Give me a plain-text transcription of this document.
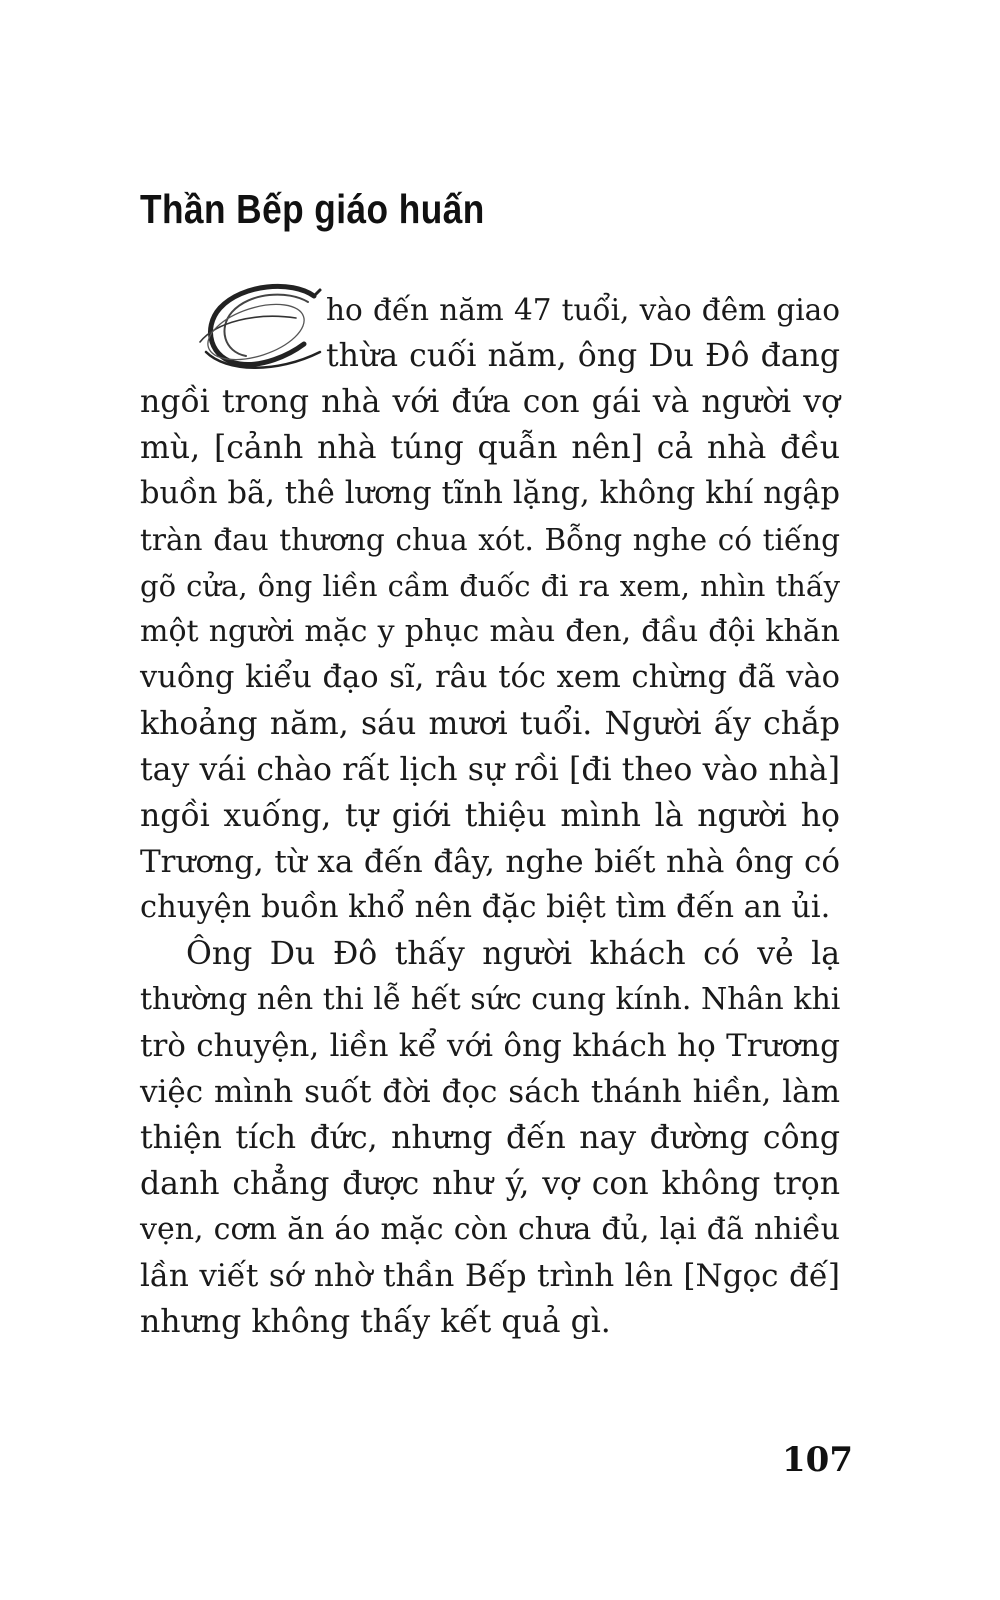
Thần Bếp giáo huấn

ho đến năm 47 tuổi, vào đêm giao
thừa cuối năm, ông Du Đô đang
ngồi trong nhà với đứa con gái và người vợ
mù, [cảnh nhà túng quẫn nên] cả nhà đều
buồn bã, thê lương tĩnh lặng, không khí ngập
tràn đau thương chua xót. Bỗng nghe có tiếng
gõ cửa, ông liền cầm đuốc đi ra xem, nhìn thấy
một người mặc y phục màu đen, đầu đội khăn
vuông kiểu đạo sĩ, râu tóc xem chừng đã vào
khoảng năm, sáu mươi tuổi. Người ấy chắp
tay vái chào rất lịch sự rồi [đi theo vào nhà]
ngồi xuống, tự giới thiệu mình là người họ
Trương, từ xa đến đây, nghe biết nhà ông có
chuyện buồn khổ nên đặc biệt tìm đến an ủi.

Ông Du Đô thấy người khách có vẻ lạ
thường nên thi lễ hết sức cung kính. Nhân khi
trò chuyện, liền kể với ông khách họ Trương
việc mình suốt đời đọc sách thánh hiền, làm
thiện tích đức, nhưng đến nay đường công
danh chẳng được như ý, vợ con không trọn
vẹn, cơm ăn áo mặc còn chưa đủ, lại đã nhiều
lần viết sớ nhờ thần Bếp trình lên [Ngọc đế]
nhưng không thấy kết quả gì.

107
